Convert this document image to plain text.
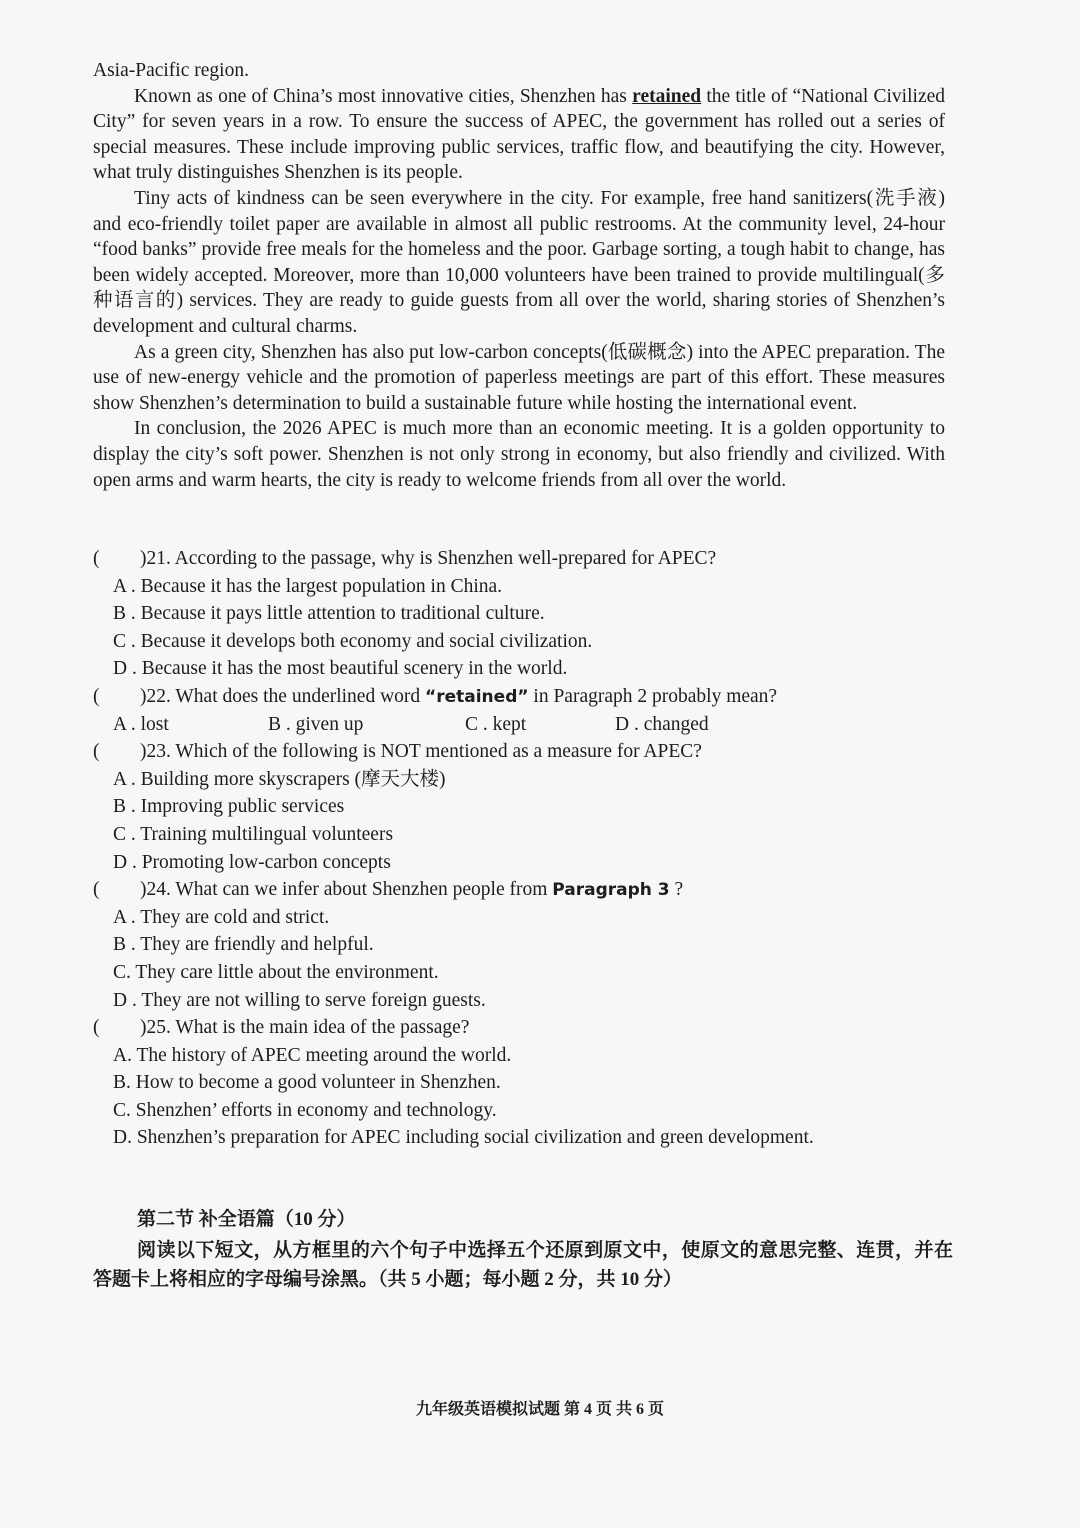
Asia-Pacific region.

Known as one of China’s most innovative cities, Shenzhen has retained the title of “National Civilized City” for seven years in a row. To ensure the success of APEC, the government has rolled out a series of special measures. These include improving public services, traffic flow, and beautifying the city. However, what truly distinguishes Shenzhen is its people.

Tiny acts of kindness can be seen everywhere in the city. For example, free hand sanitizers(洗手液) and eco-friendly toilet paper are available in almost all public restrooms. At the community level, 24-hour “food banks” provide free meals for the homeless and the poor. Garbage sorting, a tough habit to change, has been widely accepted. Moreover, more than 10,000 volunteers have been trained to provide multilingual(多种语言的) services. They are ready to guide guests from all over the world, sharing stories of Shenzhen’s development and cultural charms.

As a green city, Shenzhen has also put low-carbon concepts(低碳概念) into the APEC preparation. The use of new-energy vehicle and the promotion of paperless meetings are part of this effort. These measures show Shenzhen’s determination to build a sustainable future while hosting the international event.

In conclusion, the 2026 APEC is much more than an economic meeting. It is a golden opportunity to display the city’s soft power. Shenzhen is not only strong in economy, but also friendly and civilized. With open arms and warm hearts, the city is ready to welcome friends from all over the world.

( )21. According to the passage, why is Shenzhen well-prepared for APEC?

A . Because it has the largest population in China.

B . Because it pays little attention to traditional culture.

C . Because it develops both economy and social civilization.

D . Because it has the most beautiful scenery in the world.

( )22. What does the underlined word “retained” in Paragraph 2 probably mean?

A . lost	B . given up	C . kept	D . changed

( )23. Which of the following is NOT mentioned as a measure for APEC?

A . Building more skyscrapers (摩天大楼)

B . Improving public services

C . Training multilingual volunteers

D . Promoting low-carbon concepts

( )24. What can we infer about Shenzhen people from Paragraph 3 ?

A . They are cold and strict.

B . They are friendly and helpful.

C. They care little about the environment.

D . They are not willing to serve foreign guests.

( )25. What is the main idea of the passage?

A. The history of APEC meeting around the world.

B. How to become a good volunteer in Shenzhen.

C. Shenzhen’ efforts in economy and technology.

D. Shenzhen’s preparation for APEC including social civilization and green development.

第二节 补全语篇（10 分）

阅读以下短文，从方框里的六个句子中选择五个还原到原文中，使原文的意思完整、连贯，并在答题卡上将相应的字母编号涂黑。（共 5 小题；每小题 2 分，共 10 分）

九年级英语模拟试题 第 4 页 共 6 页
